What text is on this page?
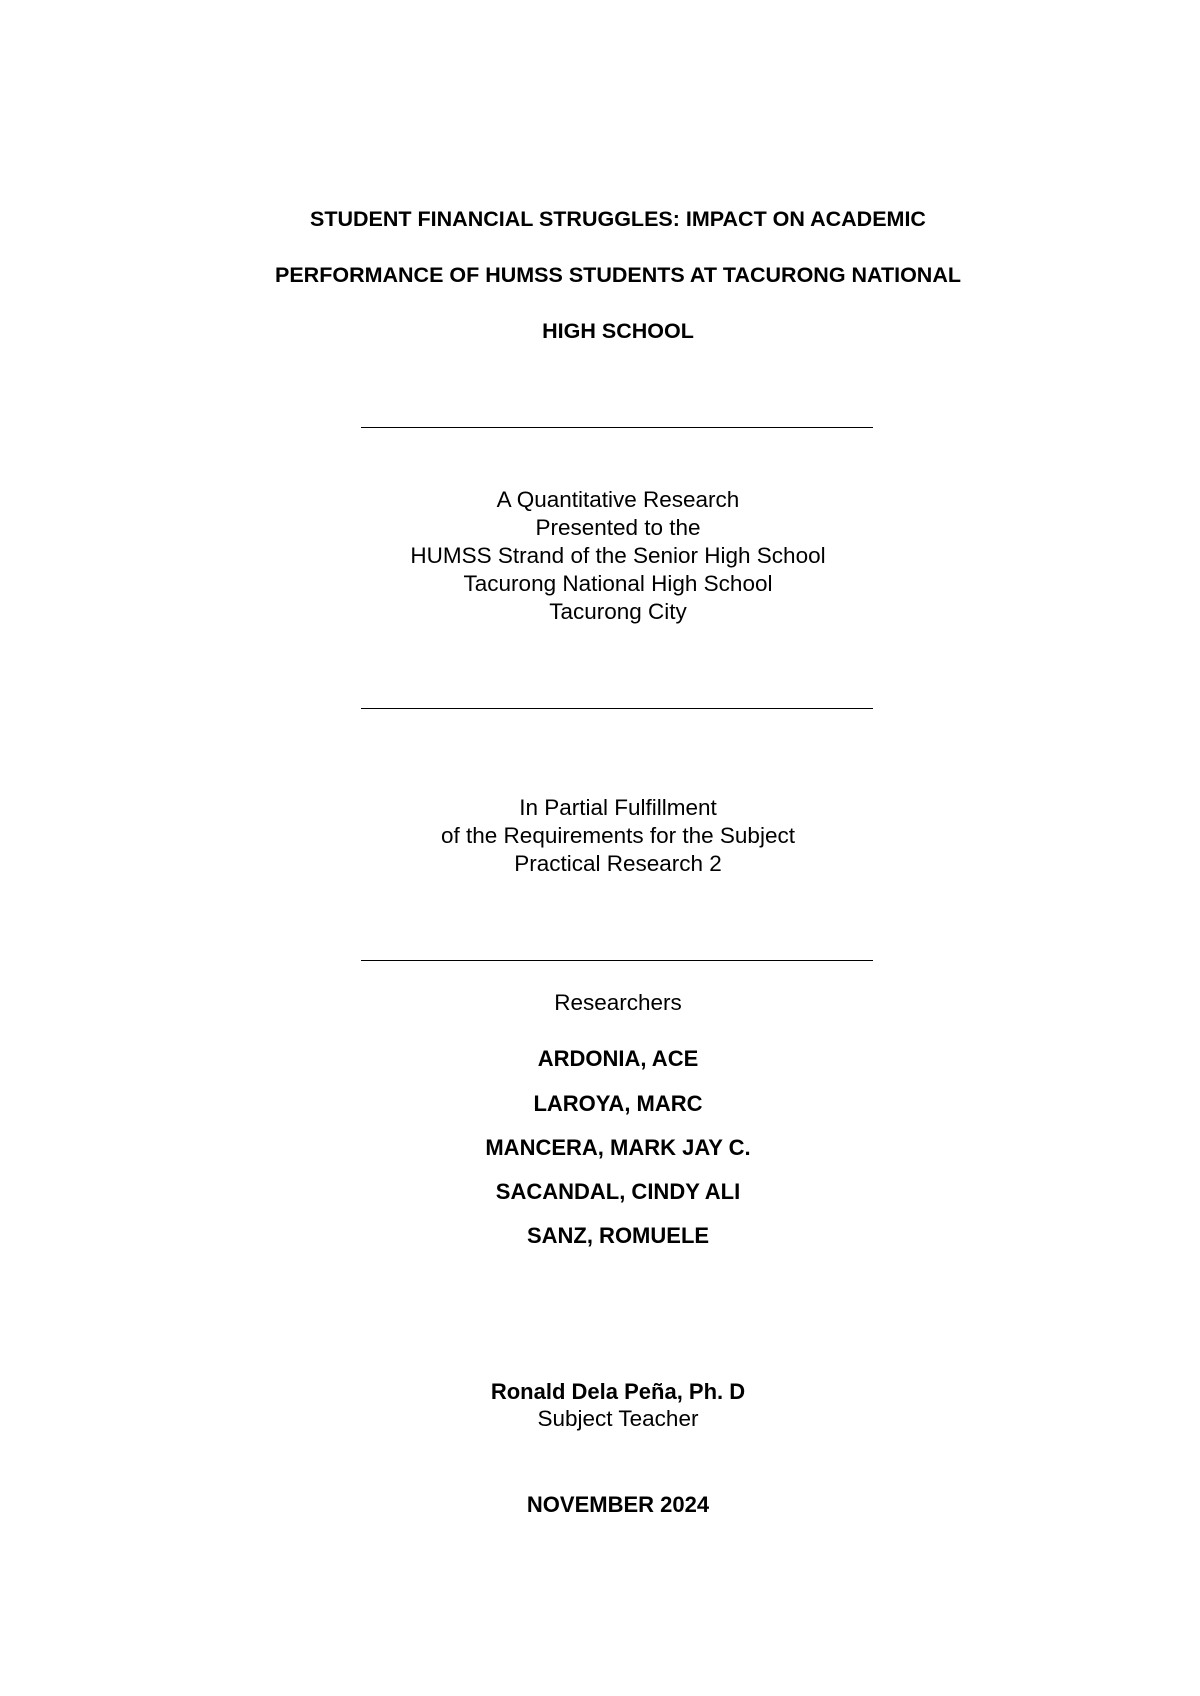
STUDENT FINANCIAL STRUGGLES: IMPACT ON ACADEMIC
PERFORMANCE OF HUMSS STUDENTS AT TACURONG NATIONAL
HIGH SCHOOL
A Quantitative Research
Presented to the
HUMSS Strand of the Senior High School
Tacurong National High School
Tacurong City
In Partial Fulfillment
of the Requirements for the Subject
Practical Research 2
Researchers
ARDONIA, ACE
LAROYA, MARC
MANCERA, MARK JAY C.
SACANDAL, CINDY ALI
SANZ, ROMUELE
Ronald Dela Peña, Ph. D
Subject Teacher
NOVEMBER 2024
